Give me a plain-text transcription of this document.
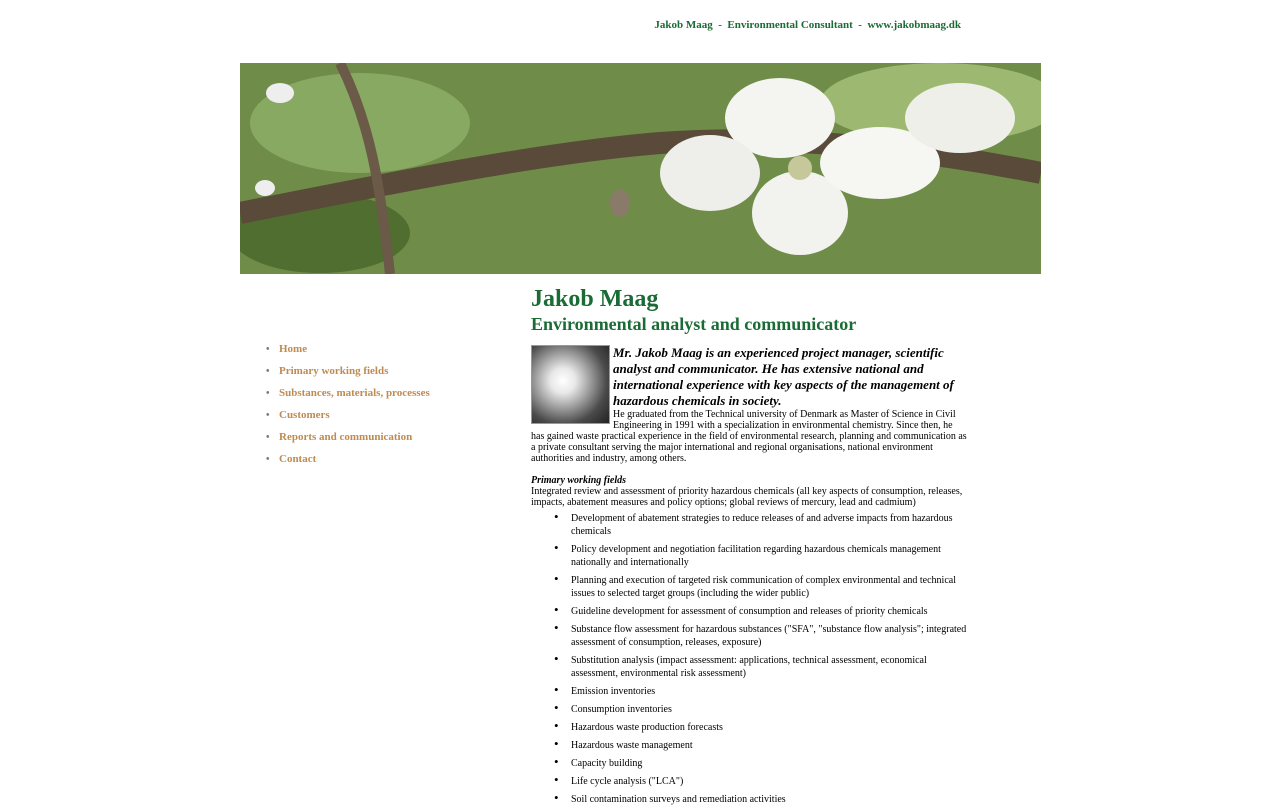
Jakob Maag  -  Environmental Consultant  -  www.jakobmaag.dk
• Home
• Primary working fields
• Substances, materials, processes
• Customers
• Reports and communication
• Contact
Jakob Maag
Environmental analyst and communicator

Mr. Jakob Maag is an experienced project manager, scientific analyst and communicator. He has extensive national and international experience with key aspects of the management of hazardous chemicals in society.

He graduated from the Technical university of Denmark as Master of Science in Civil Engineering in 1991 with a specialization in environmental chemistry. Since then, he has gained waste practical experience in the field of environmental research, planning and communication as a private consultant serving the major international and regional organisations, national environment authorities and industry, among others.

Primary working fields

Integrated review and assessment of priority hazardous chemicals (all key aspects of consumption, releases, impacts, abatement measures and policy options; global reviews of mercury, lead and cadmium)

• Development of abatement strategies to reduce releases of and adverse impacts from hazardous chemicals
• Policy development and negotiation facilitation regarding hazardous chemicals management nationally and internationally
• Planning and execution of targeted risk communication of complex environmental and technical issues to selected target groups (including the wider public)
• Guideline development for assessment of consumption and releases of priority chemicals
• Substance flow assessment for hazardous substances ("SFA", "substance flow analysis"; integrated assessment of consumption, releases, exposure)
• Substitution analysis (impact assessment: applications, technical assessment, economical assessment, environmental risk assessment)
• Emission inventories
• Consumption inventories
• Hazardous waste production forecasts
• Hazardous waste management
• Capacity building
• Life cycle analysis ("LCA")
• Soil contamination surveys and remediation activities
